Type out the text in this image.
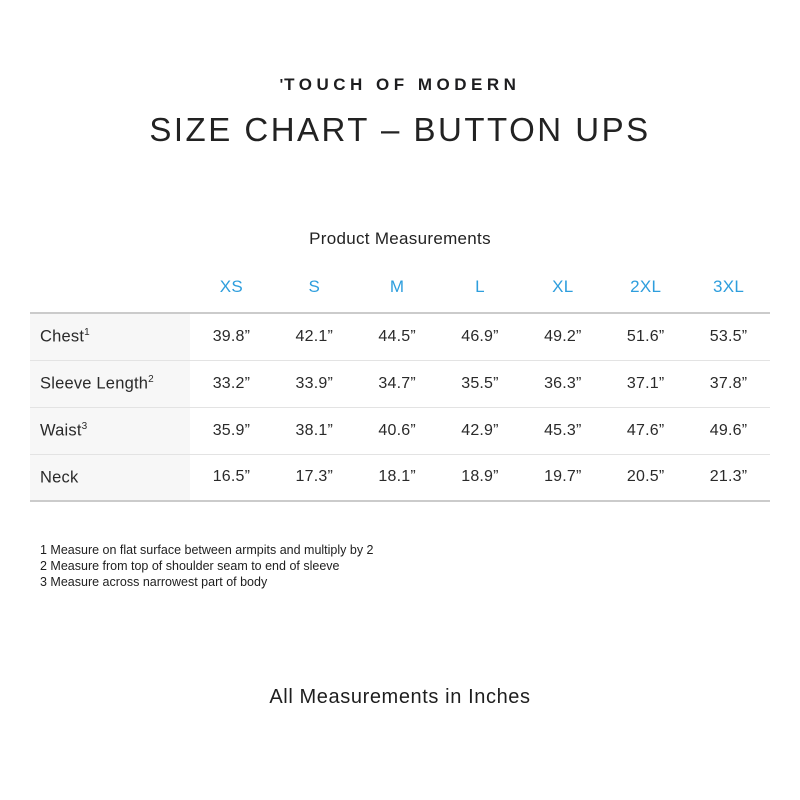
'TOUCH OF MODERN
SIZE CHART – BUTTON UPS
Product Measurements
	XS	S	M	L	XL	2XL	3XL
Chest$^1$	39.8”	42.1”	44.5”	46.9”	49.2”	51.6”	53.5”
Sleeve Length$^2$	33.2”	33.9”	34.7”	35.5”	36.3”	37.1”	37.8”
Waist$^3$	35.9”	38.1”	40.6”	42.9”	45.3”	47.6”	49.6”
Neck	16.5”	17.3”	18.1”	18.9”	19.7”	20.5”	21.3”
1 Measure on flat surface between armpits and multiply by 2
2 Measure from top of shoulder seam to end of sleeve
3 Measure across narrowest part of body
All Measurements in Inches
